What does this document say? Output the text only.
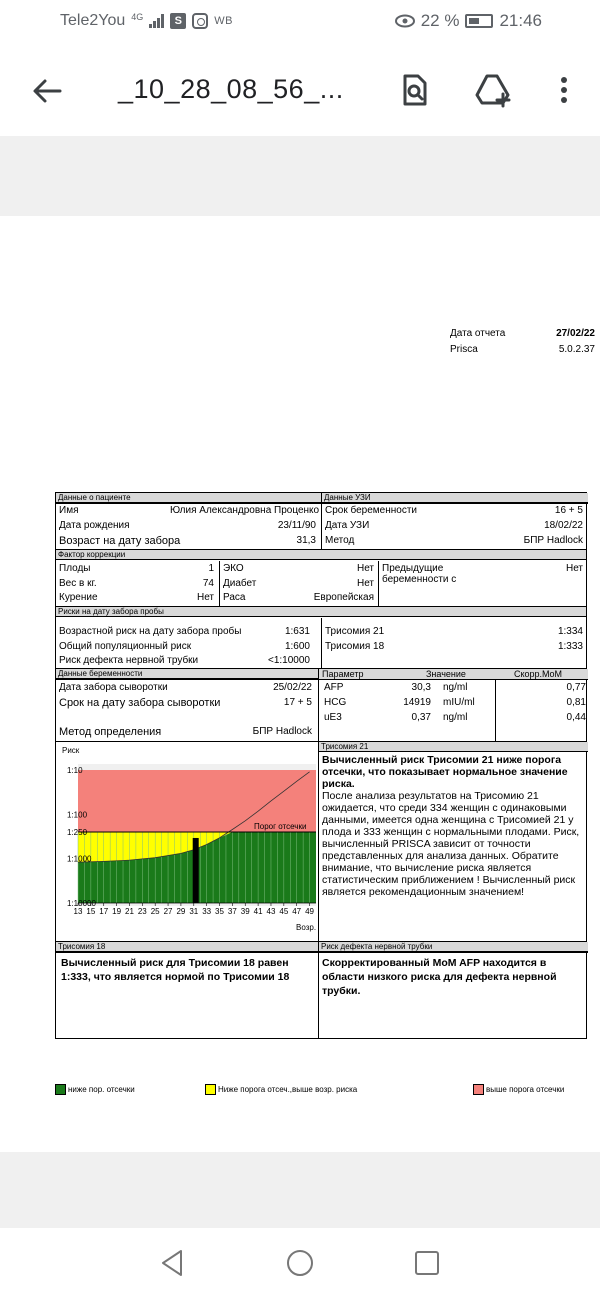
Tele2You 4G	S	WB	22 % 21:46
_10_28_08_56_...
Дата отчета	27/02/22
Prisca	5.0.2.37
Данные о пациенте	Данные УЗИ
Имя	Юлия Александровна Проценко
Дата рождения	23/11/90
Возраст на дату забора	31,3
Срок беременности	16 + 5
Дата УЗИ	18/02/22
Метод	БПР Hadlock
Фактор коррекции
Плоды	1
Вес в кг.	74
Курение	Нет
ЭКО	Нет
Диабет	Нет
Раса	Европейская
Предыдущие
беременности с
Нет
Риски на дату забора пробы
Возрастной риск на дату забора пробы	1:631
Общий популяционный риск	1:600
Риск дефекта нервной трубки	<1:10000
Трисомия 21	1:334
Трисомия 18	1:333
Данные беременности	Параметр	Значение	Скорр.MoM
Дата забора сыворотки	25/02/22
Срок на дату забора сыворотки	17 + 5
Метод определения	БПР Hadlock
AFP	30,3 ng/ml	0,77
HCG	14919 mIU/ml	0,81
uE3	0,37 ng/ml	0,44
Риск
Порог отсечки
1:10
1:100
1:250
1:1000
1:10000
13 15 17 19 21 23 25 27 29 31 33 35 37 39 41 43 45 47 49
Возр.
Трисомия 21
Вычисленный риск Трисомии 21 ниже порога отсечки, что показывает нормальное значение риска.
После анализа результатов на Трисомию 21 ожидается, что среди 334 женщин с одинаковыми данными, имеется одна женщина с Трисомией 21 у плода и 333 женщин с нормальными плодами. Риск, вычисленный PRISCA зависит от точности представленных для анализа данных. Обратите внимание, что вычисление риска является статистическим приближением ! Вычисленный риск является рекомендационным значением!
Трисомия 18	Риск дефекта нервной трубки
Вычисленный риск для Трисомии 18 равен 1:333, что является нормой по Трисомии 18
Скорректированный MoM AFP находится в области низкого риска для дефекта нервной трубки.
ниже пор. отсечки	Ниже порога отсеч.,выше возр. риска	выше порога отсечки
